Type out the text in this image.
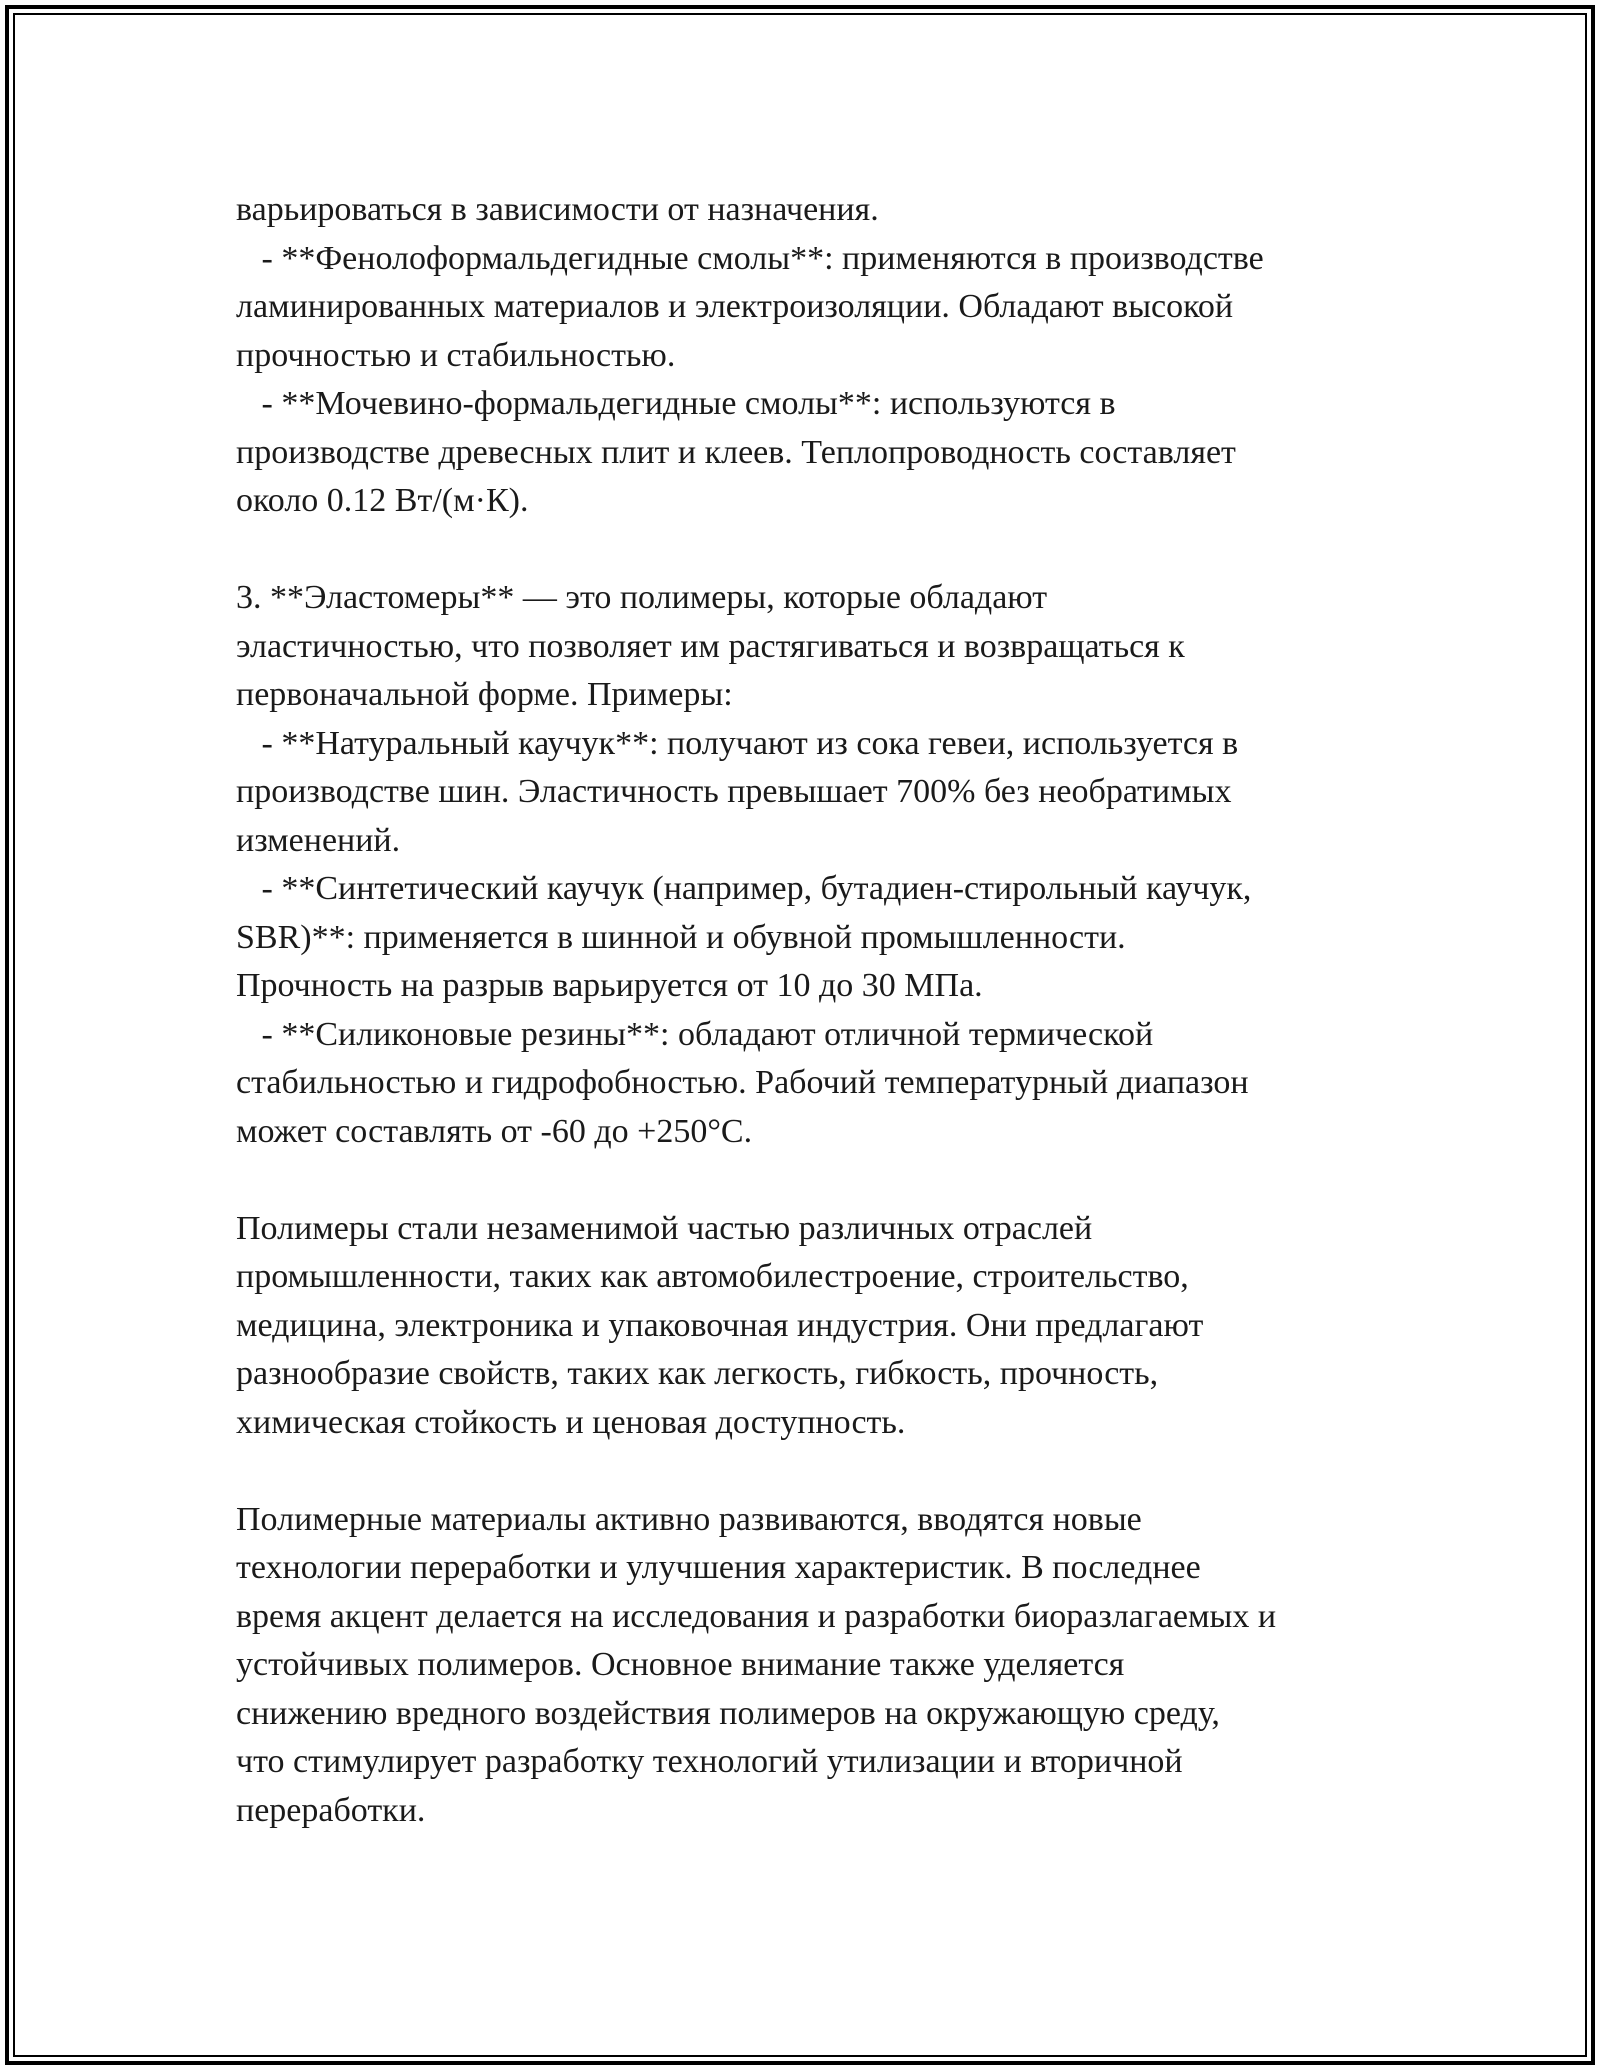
варьироваться в зависимости от назначения.
- **Фенолоформальдегидные смолы**: применяются в производстве
ламинированных материалов и электроизоляции. Обладают высокой
прочностью и стабильностью.
- **Мочевино-формальдегидные смолы**: используются в
производстве древесных плит и клеев. Теплопроводность составляет
около 0.12 Вт/(м·К).
3. **Эластомеры** — это полимеры, которые обладают
эластичностью, что позволяет им растягиваться и возвращаться к
первоначальной форме. Примеры:
- **Натуральный каучук**: получают из сока гевеи, используется в
производстве шин. Эластичность превышает 700% без необратимых
изменений.
- **Синтетический каучук (например, бутадиен-стирольный каучук,
SBR)**: применяется в шинной и обувной промышленности.
Прочность на разрыв варьируется от 10 до 30 МПа.
- **Силиконовые резины**: обладают отличной термической
стабильностью и гидрофобностью. Рабочий температурный диапазон
может составлять от -60 до +250°C.
Полимеры стали незаменимой частью различных отраслей
промышленности, таких как автомобилестроение, строительство,
медицина, электроника и упаковочная индустрия. Они предлагают
разнообразие свойств, таких как легкость, гибкость, прочность,
химическая стойкость и ценовая доступность.
Полимерные материалы активно развиваются, вводятся новые
технологии переработки и улучшения характеристик. В последнее
время акцент делается на исследования и разработки биоразлагаемых и
устойчивых полимеров. Основное внимание также уделяется
снижению вредного воздействия полимеров на окружающую среду,
что стимулирует разработку технологий утилизации и вторичной
переработки.
